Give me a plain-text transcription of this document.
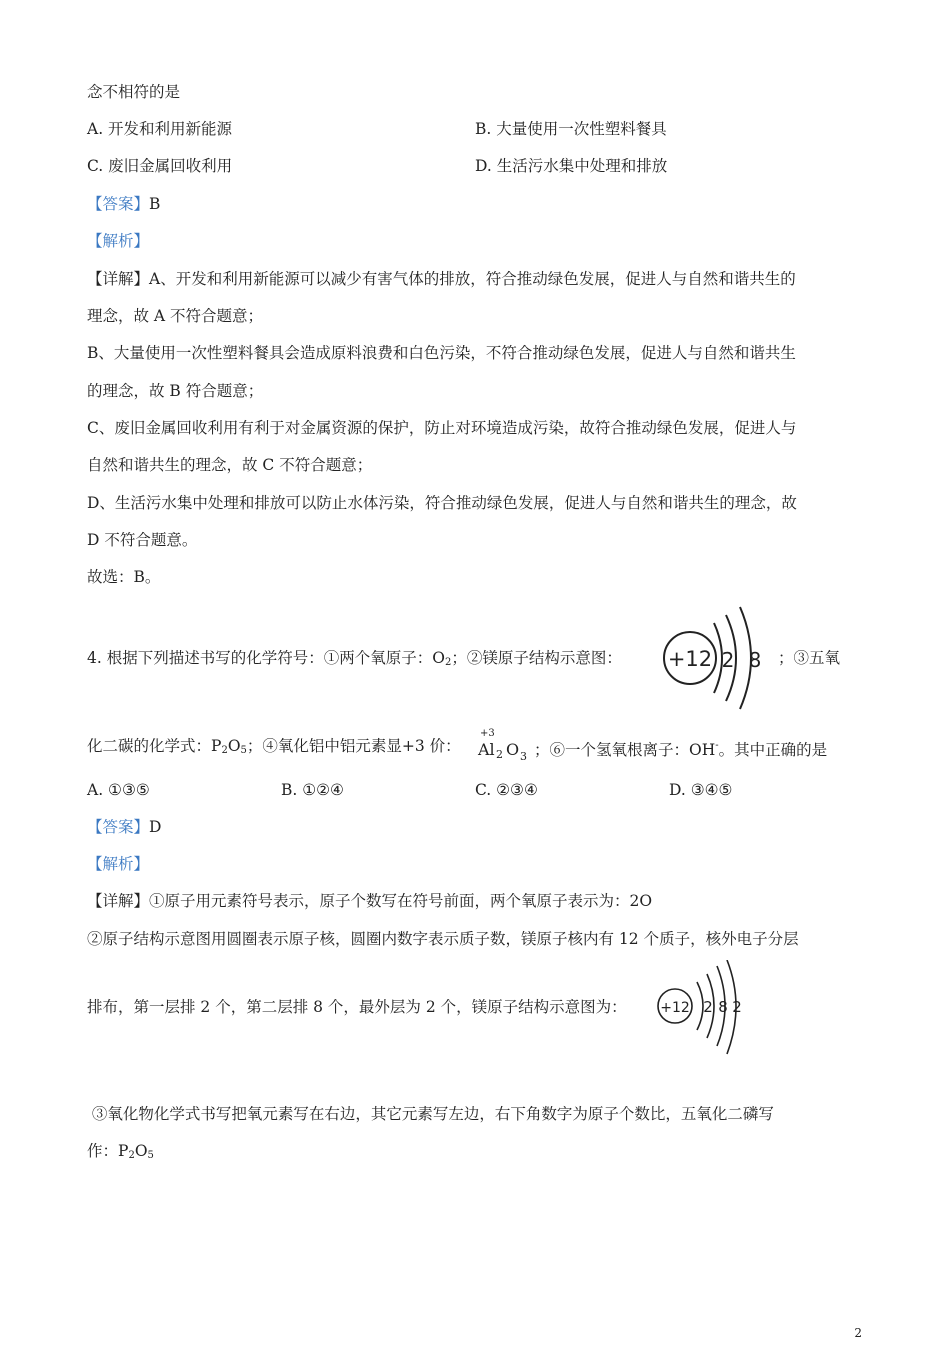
念不相符的是
A. 开发和利用新能源	B. 大量使用一次性塑料餐具
C. 废旧金属回收利用	D. 生活污水集中处理和排放
【答案】B
【解析】
【详解】A、开发和利用新能源可以减少有害气体的排放，符合推动绿色发展，促进人与自然和谐共生的
理念，故 A 不符合题意；
B、大量使用一次性塑料餐具会造成原料浪费和白色污染，不符合推动绿色发展，促进人与自然和谐共生
的理念，故 B 符合题意；
C、废旧金属回收利用有利于对金属资源的保护，防止对环境造成污染，故符合推动绿色发展，促进人与
自然和谐共生的理念，故 C 不符合题意；
D、生活污水集中处理和排放可以防止水体污染，符合推动绿色发展，促进人与自然和谐共生的理念，故
D 不符合题意。
故选：B。
4. 根据下列描述书写的化学符号：①两个氧原子：$O_2$；②镁原子结构示意图： +12 2 8 ；③五氧
化二碳的化学式：$P_2O_5$；④氧化铝中铝元素显+3 价：
+3
Al 2 O 3 ；⑥一个氢氧根离子：OH-。其中正确的是
A. ①③⑤	B. ①②④	C. ②③④	D. ③④⑤
【答案】D
【解析】
【详解】①原子用元素符号表示，原子个数写在符号前面，两个氧原子表示为：2O
②原子结构示意图用圆圈表示原子核，圆圈内数字表示质子数，镁原子核内有 12 个质子，核外电子分层
排布，第一层排 2 个，第二层排 8 个，最外层为 2 个，镁原子结构示意图为： +12 2 8 2
③氧化物化学式书写把氧元素写在右边，其它元素写左边，右下角数字为原子个数比，五氧化二磷写
作：$P_2O_5$
2
